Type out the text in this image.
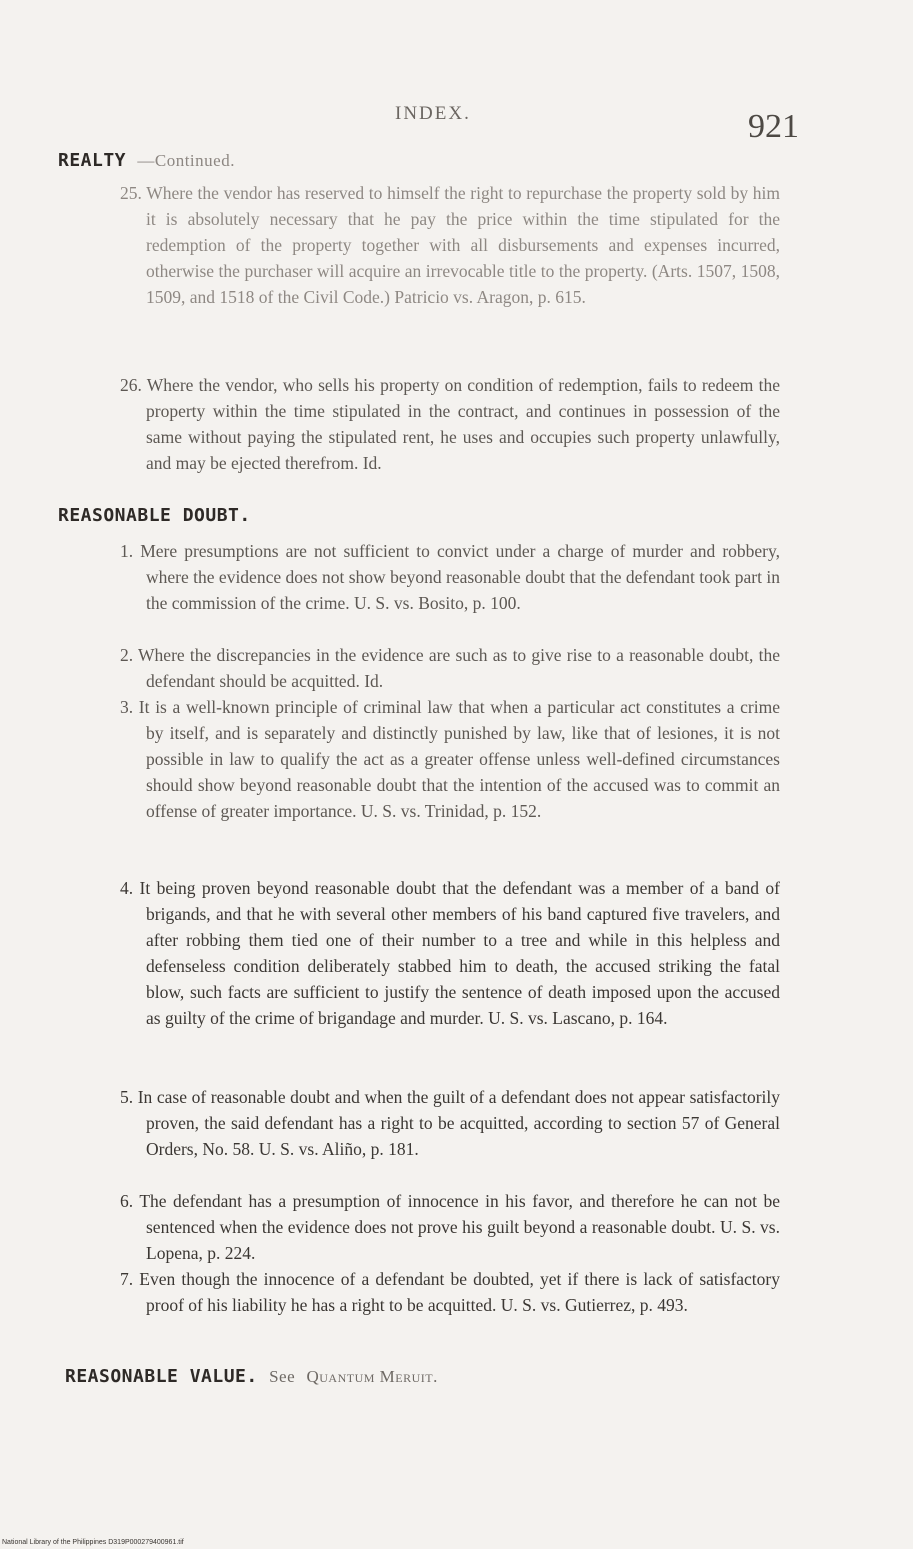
INDEX.	921
REALTY —Continued.
25. Where the vendor has reserved to himself the right to repurchase the property sold by him it is absolutely necessary that he pay the price within the time stipulated for the redemption of the property together with all disbursements and expenses incurred, otherwise the purchaser will acquire an irrevocable title to the property. (Arts. 1507, 1508, 1509, and 1518 of the Civil Code.) Patricio vs. Aragon, p. 615.
26. Where the vendor, who sells his property on condition of redemption, fails to redeem the property within the time stipulated in the contract, and continues in possession of the same without paying the stipulated rent, he uses and occupies such property unlawfully, and may be ejected therefrom. Id.
REASONABLE DOUBT.
1. Mere presumptions are not sufficient to convict under a charge of murder and robbery, where the evidence does not show beyond reasonable doubt that the defendant took part in the commission of the crime. U. S. vs. Bosito, p. 100.
2. Where the discrepancies in the evidence are such as to give rise to a reasonable doubt, the defendant should be acquitted. Id.
3. It is a well-known principle of criminal law that when a particular act constitutes a crime by itself, and is separately and distinctly punished by law, like that of lesiones, it is not possible in law to qualify the act as a greater offense unless well-defined circumstances should show beyond reasonable doubt that the intention of the accused was to commit an offense of greater importance. U. S. vs. Trinidad, p. 152.
4. It being proven beyond reasonable doubt that the defendant was a member of a band of brigands, and that he with several other members of his band captured five travelers, and after robbing them tied one of their number to a tree and while in this helpless and defenseless condition deliberately stabbed him to death, the accused striking the fatal blow, such facts are sufficient to justify the sentence of death imposed upon the accused as guilty of the crime of brigandage and murder. U. S. vs. Lascano, p. 164.
5. In case of reasonable doubt and when the guilt of a defendant does not appear satisfactorily proven, the said defendant has a right to be acquitted, according to section 57 of General Orders, No. 58. U. S. vs. Aliño, p. 181.
6. The defendant has a presumption of innocence in his favor, and therefore he can not be sentenced when the evidence does not prove his guilt beyond a reasonable doubt. U. S. vs. Lopena, p. 224.
7. Even though the innocence of a defendant be doubted, yet if there is lack of satisfactory proof of his liability he has a right to be acquitted. U. S. vs. Gutierrez, p. 493.
REASONABLE VALUE. See Quantum Meruit.
National Library of the Philippines D319P000279400961.tif
